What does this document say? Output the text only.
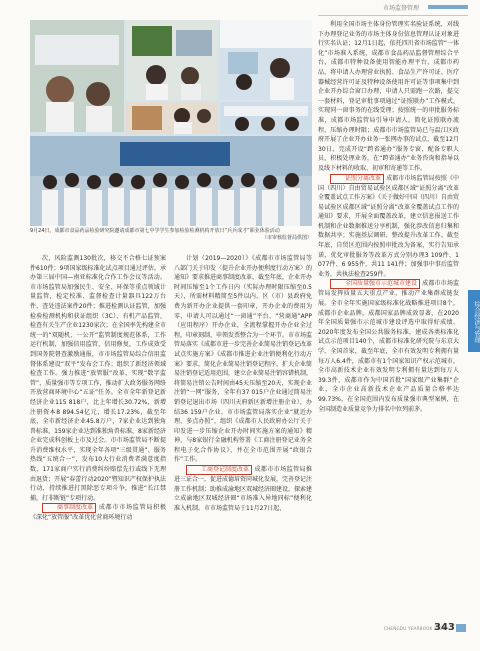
市场监督管理
9月24日，成都市食品药品检验研究院邀请成都市第七中学学生参加检验检测机构开放日“兵兵成才”职业体验活动
（市审核监督局供图）

次，风险监测130批次，移交不合格七证预案件610件；9项国家级标准化试点项目通过评估，承办第三届中国—南亚标准化合作工作会议等活动。市市场监管局加强民生、安全、环保等重点领域计量监管，检定校准、监督检查计量器具122万台件，查处违法案件20件；推进检测认证监管，加强检验检测机构和获证组织（3C）、有机产品监管，检查有关生产企业1230家次；在全国率先构建全市统一的“双随机、一公开”监管制度规范体系，工作运行机制，加强信用监管，信用修复，工作成效受到国务院督查激励通报，市市场监管局综合信用监督体系建设“双平”发布会工作；组织了新经济领域检查工作。强力推进“放管服”改革，实现“数字监管”、质量强市等专项工作，推动扩大政务服务网络开放营商环境中心“五证”任务。全市全年新登记新经济企业115 818户，比上年增长30.72%，新增注册资本8 894.54亿元，增长17.23%，截至年底，全市新经济企业45.8万户，7家企业达到独角兽标准，159家企业达到准独角兽标准，8家新经济企业完成科创板上市及过会。市市场监管局不断提升消费维权水平，实现全年各项“三级贯通”、服务热线“五统合一”，发布10大行业消费者满意度指数，171家商户实行消费纠纷赔偿先行或线下无理由退货；开展“春蕾行动2020”暨知识产权保护执法行动，持续推进打黑除恶专项斗争，推进“长江禁捕，打非断链”专项行动。

商事制度改革 成都市市场监管局积极《深化“放管服”改革优化营商环境行动

计划（2019—2020）》《成都市市场监管局等八部门关于印发〈提升企业开办便利度行动方案〉的通知》要求推进商事制度改革，截至年底，企业开办时间压缩至1个工作日内（实际办理时限压缩至0.5天），所需材料精简至5件以内，区（市）县政府免费为新开办企业提供一套印章，开办企业的费用为零，申请人可以通过“一窗通”平台、“营商通”APP（应用程序）开办企业，全流程掌握开办企业全过程，印章刻制、申领发票整合为一个环节。市市场监管局落实《成都市进一步完善企业简易注销登记改革试点实施方案》《成都市推进企业注销便利化行动方案》要求，简化企业简易注销登记程序，扩大企业简易注销登记适用范围，建立企业简易注销容错机制，将简易注销公告时间由45天压缩至20天，实现企业注销“一网”服务，全年有37 015户企业通过简易注销登记退出市场（四川天府新区新增注册企业），办结36 159户企业。市市场监管局落实企业“就近办理，多点办照”，组织《成都市人民政府办公厅关于印发进一步压缩企业开办时间实施方案的通知》精神，与8家银行金融机构签署《工商注册登记业务全程电子化合作协议》，并在全市范围开展“政银合作”工作。

工商登记制度改革 成都市市场监管局推进三证合一，促进成德眉资同城化发展，完善登记注册工作机制；助推成渝地区双城经济圈建设，探索建立成渝地区双城经济圈“市场准入异地同标”便利化准入机制。市市场监管局于11月27日起，

利用全国市场主体身份管理实名验证系统，对线下办理登记业务的市场主体身份信息管理认证对象进行实名认证；12月1日起，依托四川省市场监管“一体化”市场准入系统，成都市食品药品监督管理综合平台，成都市特种设备使用智能办理平台，成都市药品，将申请人办理营业执照、食品生产许可证、医疗器械经营许可证及特种设备使用许可证等事项集中到企业开办综合窗口办理，申请人只需跑一次路，提交一套材料，登记审批事项通过“证照联办”工作模式，实现同一窗事务的在线受理；按照统一的审批服务标准，成都市场监管局引导申请人，简化证照联办流程，压缩办理时限；成都市市场监管局已与温江区政府开展了企业开办业务一张网办事的试点，截至12月30日，完成开设“跨省通办”服务专窗，配备专职人员，积极处理业务，在“跨省通办”业务咨询和指导以及线下材料的收取、初审和寄递等工作。

证照分离改革 成都市市场监管局按照《中国（四川）自由贸易试验区成都区域“证照分离”改革全覆盖试点工作方案》《关于做好中国（四川）自由贸易试验区成都区域“证照分离”改革全覆盖试点工作的通知》要求，开展全面覆盖改革，建立信息报送工作机制和企业数据推送分享机制，强化涉改信息归集和数据共享；实施基层调研、整改提升改革工作。截至年底，自贸区范围内按照审批改为备案，实行告知承诺，优化审批服务等改革方式分别办理3 109件、1 077件、6 955件，共11 141件；加强事中事后监管业务，共执法检查259件。

全国质量强市示范城市建设 成都市市场监管局发挥质量五大重点产业，推动产业集群成链发展。全市全年实施国家级标准化战略推进项目8个，成都市企业品牌，成都国家品牌成效显著，在2020年全国质量强市示范城市建设评选中取得好成绩，2020年度发布全国公共服务标准，建成各类标准化试点示范项目140个，成都市标准化研究院与东京大学，全国首家，截至年底，全市有效发明专利拥有量每万人6.4件，成都市有1个国家知识产权示范城市，全市高新技术企业有效发明专利拥有量达到每万人39.3件，成都市作为中国首批“国家级产业集群”企业，全市企业高新技术企业产品质量合格率达99.73%，在全国范围内发布质量强市典型案例，在全国制造业质量竞争力排名中位列前茅。

综合经济与管理
CHENGDU YEARBOOK 2021
343
